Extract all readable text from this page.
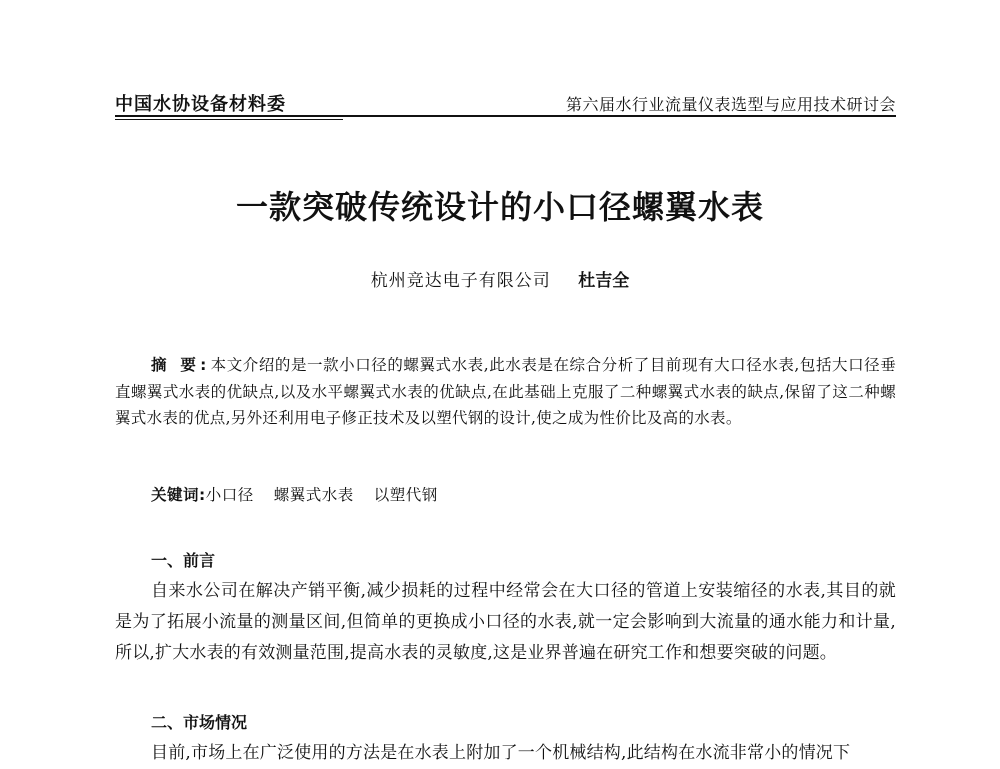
中国水协设备材料委	第六届水行业流量仪表选型与应用技术研讨会
一款突破传统设计的小口径螺翼水表
杭州竞达电子有限公司 杜吉全
摘 要:本文介绍的是一款小口径的螺翼式水表,此水表是在综合分析了目前现有大口径水表,包括大口径垂直螺翼式水表的优缺点,以及水平螺翼式水表的优缺点,在此基础上克服了二种螺翼式水表的缺点,保留了这二种螺翼式水表的优点,另外还利用电子修正技术及以塑代钢的设计,使之成为性价比及高的水表。
关键词:小口径 螺翼式水表 以塑代钢
一、前言
自来水公司在解决产销平衡,减少损耗的过程中经常会在大口径的管道上安装缩径的水表,其目的就是为了拓展小流量的测量区间,但简单的更换成小口径的水表,就一定会影响到大流量的通水能力和计量,所以,扩大水表的有效测量范围,提高水表的灵敏度,这是业界普遍在研究工作和想要突破的问题。
二、市场情况
目前,市场上在广泛使用的方法是在水表上附加了一个机械结构,此结构在水流非常小的情况下
